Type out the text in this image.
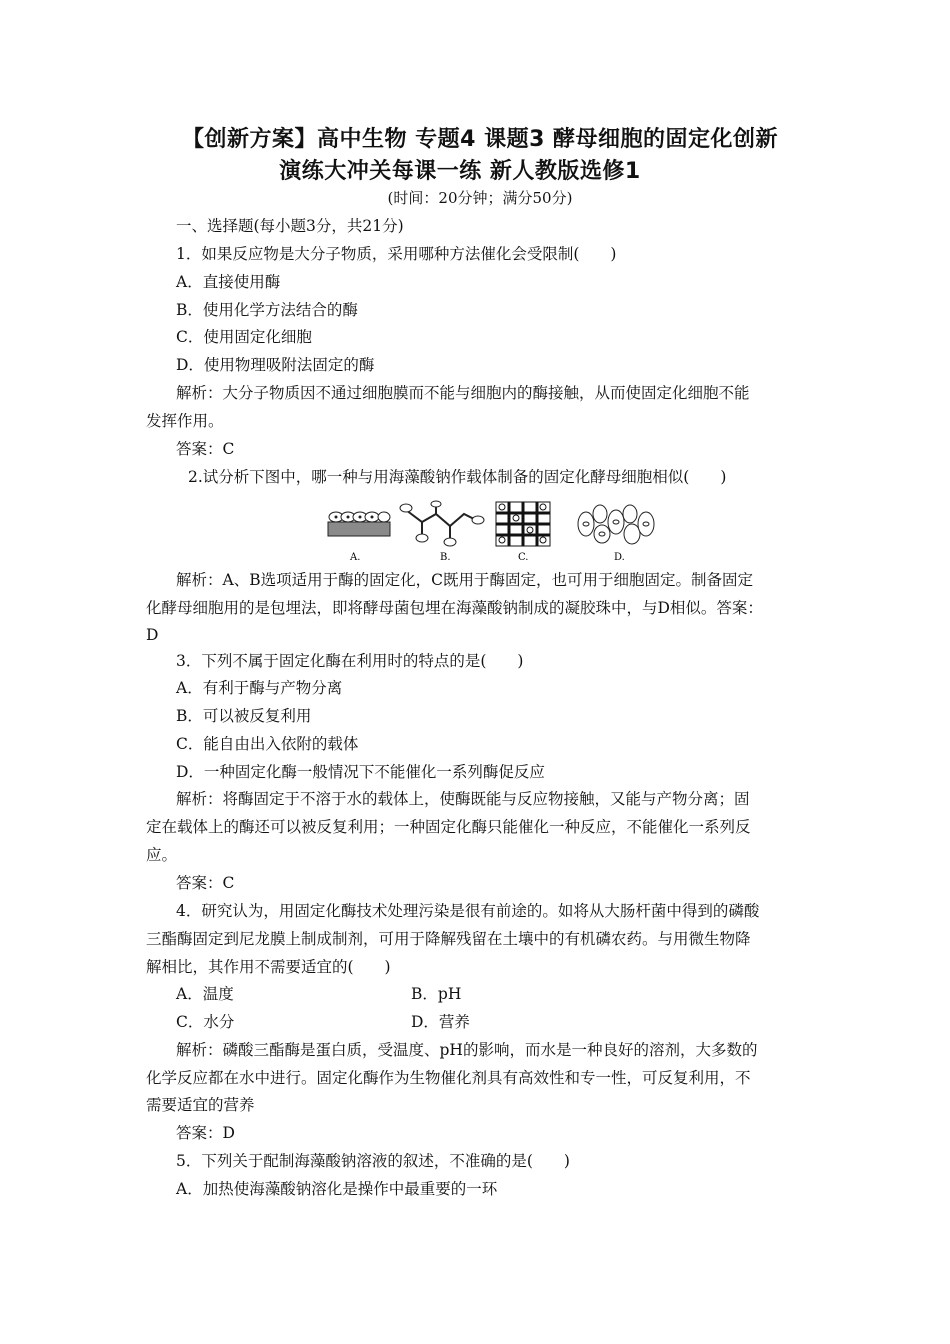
【创新方案】高中生物 专题4 课题3 酵母细胞的固定化创新
演练大冲关每课一练 新人教版选修1
(时间：20分钟；满分50分)
一、选择题(每小题3分，共21分)
1．如果反应物是大分子物质，采用哪种方法催化会受限制(　　)
A．直接使用酶
B．使用化学方法结合的酶
C．使用固定化细胞
D．使用物理吸附法固定的酶
解析：大分子物质因不通过细胞膜而不能与细胞内的酶接触，从而使固定化细胞不能
发挥作用。
答案：C
2.试分析下图中，哪一种与用海藻酸钠作载体制备的固定化酵母细胞相似(　　)
A.	B.	C.	D.
解析：A、B选项适用于酶的固定化，C既用于酶固定，也可用于细胞固定。制备固定
化酵母细胞用的是包埋法，即将酵母菌包埋在海藻酸钠制成的凝胶珠中，与D相似。答案：
D
3．下列不属于固定化酶在利用时的特点的是(　　)
A．有利于酶与产物分离
B．可以被反复利用
C．能自由出入依附的载体
D．一种固定化酶一般情况下不能催化一系列酶促反应
解析：将酶固定于不溶于水的载体上，使酶既能与反应物接触，又能与产物分离；固
定在载体上的酶还可以被反复利用；一种固定化酶只能催化一种反应，不能催化一系列反
应。
答案：C
4．研究认为，用固定化酶技术处理污染是很有前途的。如将从大肠杆菌中得到的磷酸
三酯酶固定到尼龙膜上制成制剂，可用于降解残留在土壤中的有机磷农药。与用微生物降
解相比，其作用不需要适宜的(　　)
A．温度	B．pH
C．水分	D．营养
解析：磷酸三酯酶是蛋白质，受温度、pH的影响，而水是一种良好的溶剂，大多数的
化学反应都在水中进行。固定化酶作为生物催化剂具有高效性和专一性，可反复利用，不
需要适宜的营养
答案：D
5．下列关于配制海藻酸钠溶液的叙述，不准确的是(　　)
A．加热使海藻酸钠溶化是操作中最重要的一环
